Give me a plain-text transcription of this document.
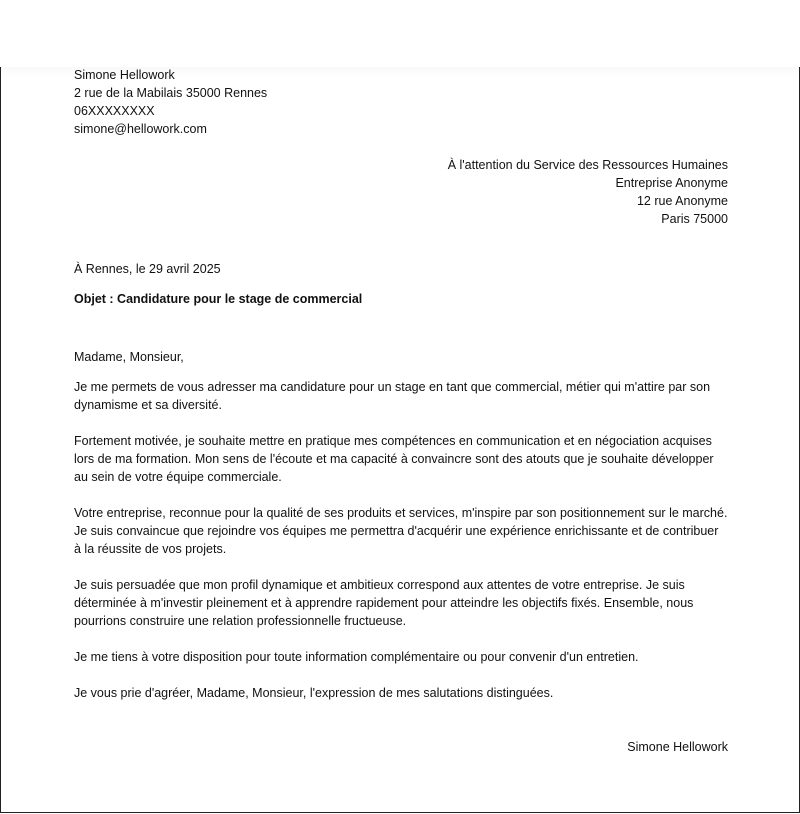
Simone Hellowork
2 rue de la Mabilais 35000 Rennes
06XXXXXXXX
simone@hellowork.com
À l'attention du Service des Ressources Humaines
Entreprise Anonyme
12 rue Anonyme
Paris 75000

À Rennes, le 29 avril 2025

Objet : Candidature pour le stage de commercial

Madame, Monsieur,

Je me permets de vous adresser ma candidature pour un stage en tant que commercial, métier qui m'attire par son dynamisme et sa diversité.

Fortement motivée, je souhaite mettre en pratique mes compétences en communication et en négociation acquises lors de ma formation. Mon sens de l'écoute et ma capacité à convaincre sont des atouts que je souhaite développer au sein de votre équipe commerciale.

Votre entreprise, reconnue pour la qualité de ses produits et services, m'inspire par son positionnement sur le marché. Je suis convaincue que rejoindre vos équipes me permettra d'acquérir une expérience enrichissante et de contribuer à la réussite de vos projets.

Je suis persuadée que mon profil dynamique et ambitieux correspond aux attentes de votre entreprise. Je suis déterminée à m'investir pleinement et à apprendre rapidement pour atteindre les objectifs fixés. Ensemble, nous pourrions construire une relation professionnelle fructueuse.

Je me tiens à votre disposition pour toute information complémentaire ou pour convenir d'un entretien.

Je vous prie d'agréer, Madame, Monsieur, l'expression de mes salutations distinguées.

Simone Hellowork
